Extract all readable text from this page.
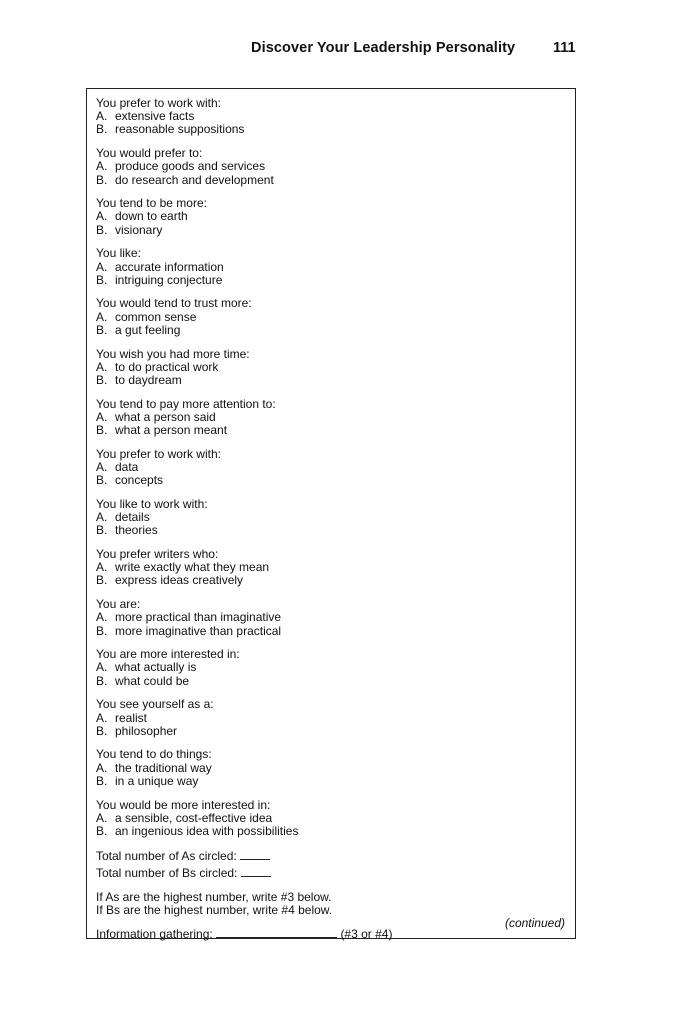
Discover Your Leadership Personality	111
(continued)
You prefer to work with:
A. extensive facts
B. reasonable suppositions
You would prefer to:
A. produce goods and services
B. do research and development
You tend to be more:
A. down to earth
B. visionary
You like:
A. accurate information
B. intriguing conjecture
You would tend to trust more:
A. common sense
B. a gut feeling
You wish you had more time:
A. to do practical work
B. to daydream
You tend to pay more attention to:
A. what a person said
B. what a person meant
You prefer to work with:
A. data
B. concepts
You like to work with:
A. details
B. theories
You prefer writers who:
A. write exactly what they mean
B. express ideas creatively
You are:
A. more practical than imaginative
B. more imaginative than practical
You are more interested in:
A. what actually is
B. what could be
You see yourself as a:
A. realist
B. philosopher
You tend to do things:
A. the traditional way
B. in a unique way
You would be more interested in:
A. a sensible, cost-effective idea
B. an ingenious idea with possibilities
Total number of As circled:
Total number of Bs circled:
If As are the highest number, write #3 below.
If Bs are the highest number, write #4 below.
Information gathering:	(#3 or #4)
